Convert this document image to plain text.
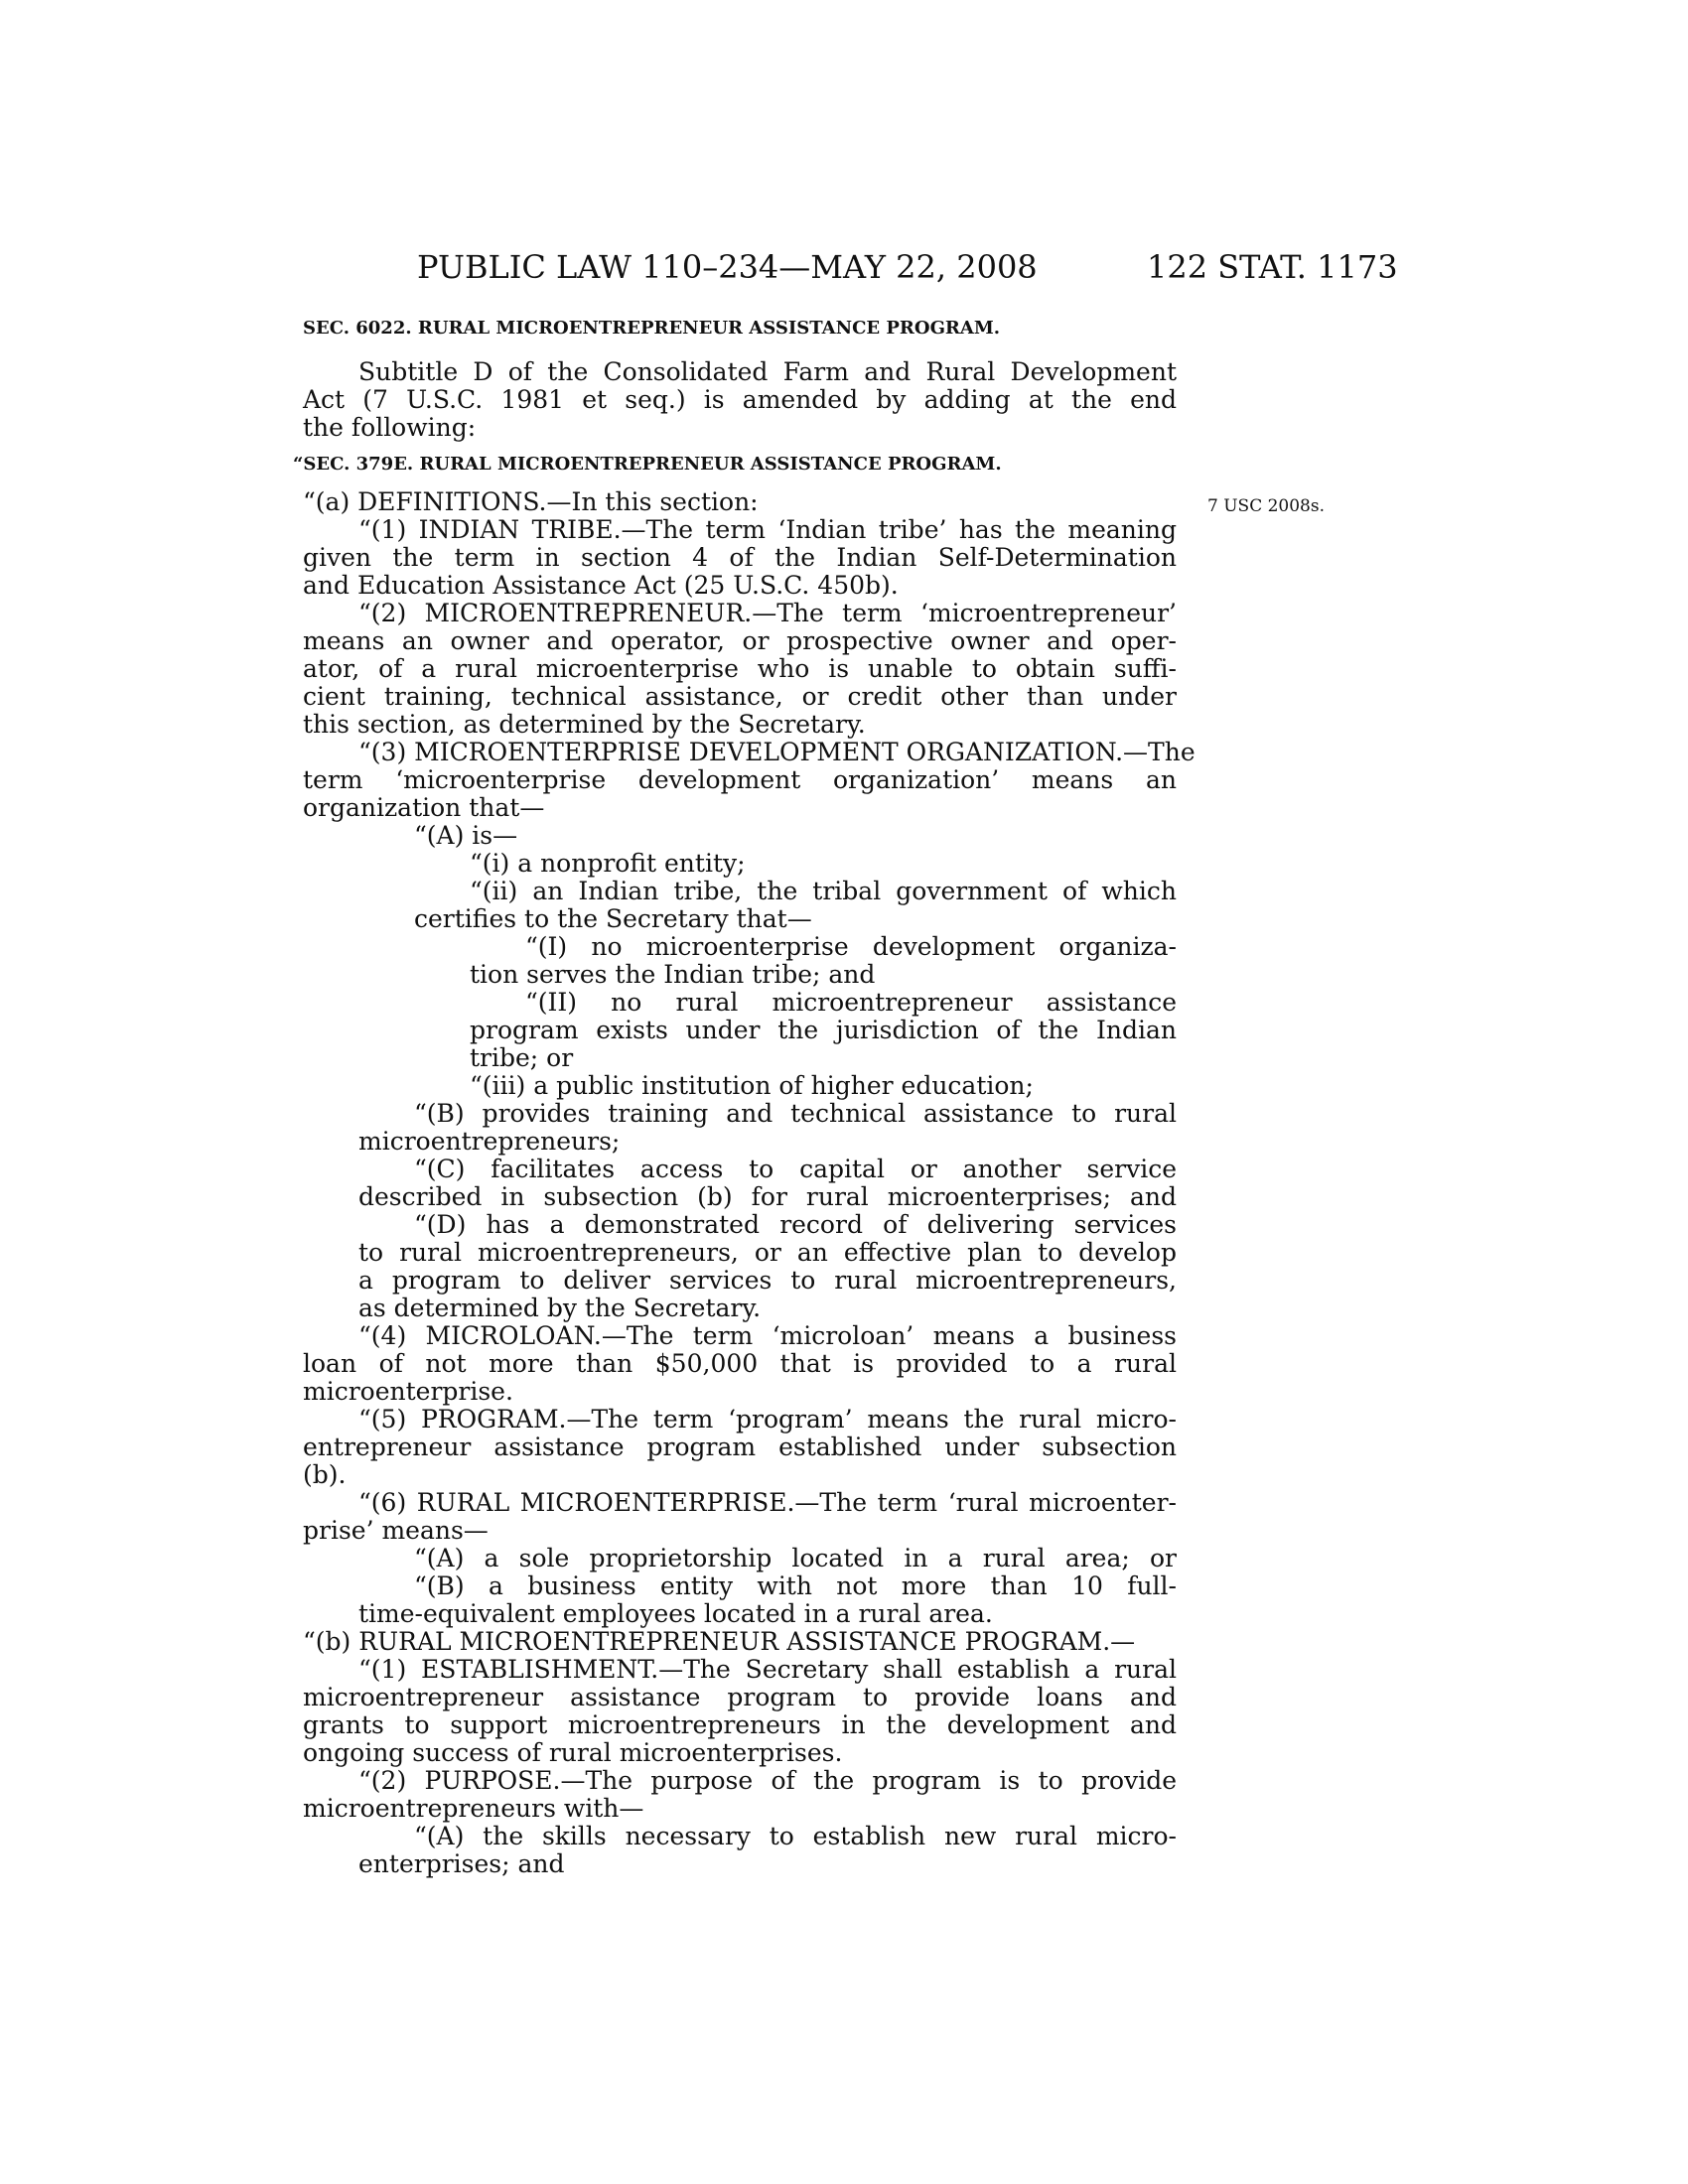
PUBLIC LAW 110–234—MAY 22, 2008	122 STAT. 1173
7 USC 2008s.
SEC. 6022. RURAL MICROENTREPRENEUR ASSISTANCE PROGRAM.
Subtitle D of the Consolidated Farm and Rural Development
Act (7 U.S.C. 1981 et seq.) is amended by adding at the end
the following:
“SEC. 379E. RURAL MICROENTREPRENEUR ASSISTANCE PROGRAM.
“(a) DEFINITIONS.—In this section:
“(1) INDIAN TRIBE.—The term ‘Indian tribe’ has the meaning
given the term in section 4 of the Indian Self-Determination
and Education Assistance Act (25 U.S.C. 450b).
“(2) MICROENTREPRENEUR.—The term ‘microentrepreneur’
means an owner and operator, or prospective owner and oper-
ator, of a rural microenterprise who is unable to obtain suffi-
cient training, technical assistance, or credit other than under
this section, as determined by the Secretary.
“(3) MICROENTERPRISE DEVELOPMENT ORGANIZATION.—The
term ‘microenterprise development organization’ means an
organization that—
“(A) is—
“(i) a nonprofit entity;
“(ii) an Indian tribe, the tribal government of which
certifies to the Secretary that—
“(I) no microenterprise development organiza-
tion serves the Indian tribe; and
“(II) no rural microentrepreneur assistance
program exists under the jurisdiction of the Indian
tribe; or
“(iii) a public institution of higher education;
“(B) provides training and technical assistance to rural
microentrepreneurs;
“(C) facilitates access to capital or another service
described in subsection (b) for rural microenterprises; and
“(D) has a demonstrated record of delivering services
to rural microentrepreneurs, or an effective plan to develop
a program to deliver services to rural microentrepreneurs,
as determined by the Secretary.
“(4) MICROLOAN.—The term ‘microloan’ means a business
loan of not more than $50,000 that is provided to a rural
microenterprise.
“(5) PROGRAM.—The term ‘program’ means the rural micro-
entrepreneur assistance program established under subsection
(b).
“(6) RURAL MICROENTERPRISE.—The term ‘rural microenter-
prise’ means—
“(A) a sole proprietorship located in a rural area; or
“(B) a business entity with not more than 10 full-
time-equivalent employees located in a rural area.
“(b) RURAL MICROENTREPRENEUR ASSISTANCE PROGRAM.—
“(1) ESTABLISHMENT.—The Secretary shall establish a rural
microentrepreneur assistance program to provide loans and
grants to support microentrepreneurs in the development and
ongoing success of rural microenterprises.
“(2) PURPOSE.—The purpose of the program is to provide
microentrepreneurs with—
“(A) the skills necessary to establish new rural micro-
enterprises; and
